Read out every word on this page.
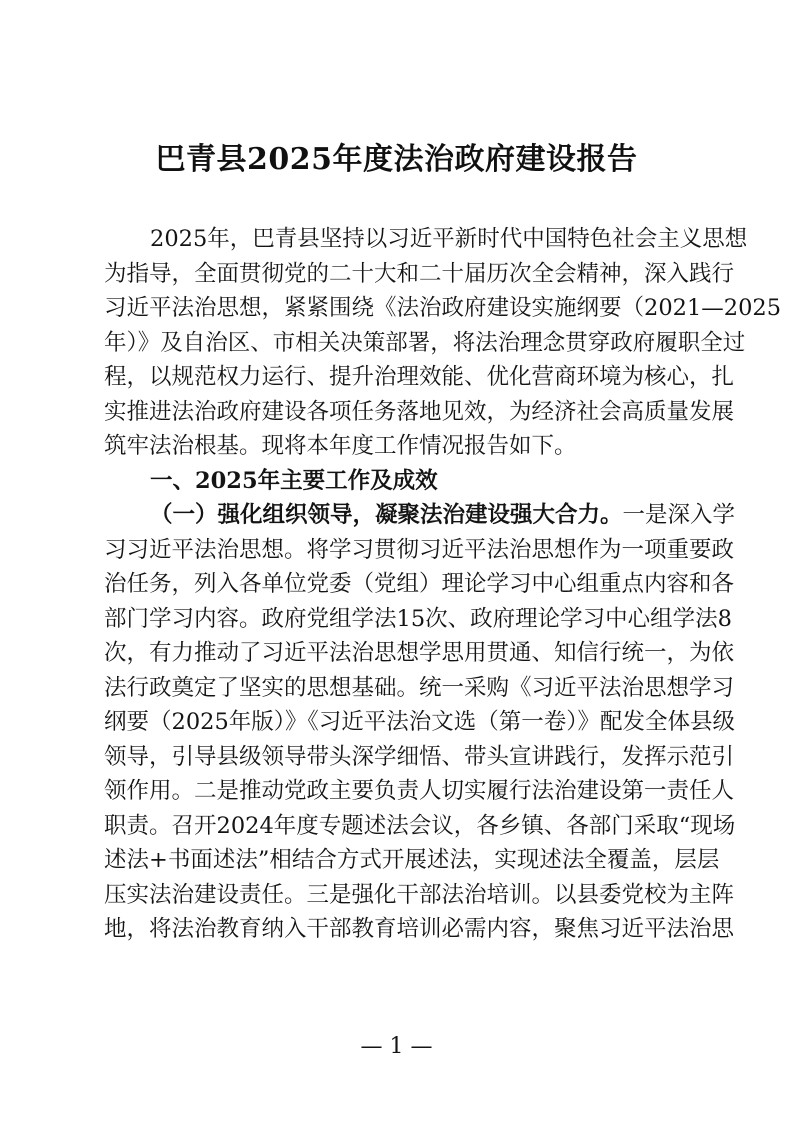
巴青县2025年度法治政府建设报告
2025年，巴青县坚持以习近平新时代中国特色社会主义思想
为指导，全面贯彻党的二十大和二十届历次全会精神，深入践行
习近平法治思想，紧紧围绕《法治政府建设实施纲要（2021—2025
年）》及自治区、市相关决策部署，将法治理念贯穿政府履职全过
程，以规范权力运行、提升治理效能、优化营商环境为核心，扎
实推进法治政府建设各项任务落地见效，为经济社会高质量发展
筑牢法治根基。现将本年度工作情况报告如下。
一、2025年主要工作及成效
（一）强化组织领导，凝聚法治建设强大合力。一是深入学
习习近平法治思想。将学习贯彻习近平法治思想作为一项重要政
治任务，列入各单位党委（党组）理论学习中心组重点内容和各
部门学习内容。政府党组学法15次、政府理论学习中心组学法8
次，有力推动了习近平法治思想学思用贯通、知信行统一，为依
法行政奠定了坚实的思想基础。统一采购《习近平法治思想学习
纲要（2025年版）》《习近平法治文选（第一卷）》配发全体县级
领导，引导县级领导带头深学细悟、带头宣讲践行，发挥示范引
领作用。二是推动党政主要负责人切实履行法治建设第一责任人
职责。召开2024年度专题述法会议，各乡镇、各部门采取“现场
述法+书面述法”相结合方式开展述法，实现述法全覆盖，层层
— 1 —
压实法治建设责任。三是强化干部法治培训。以县委党校为主阵
地，将法治教育纳入干部教育培训必需内容，聚焦习近平法治思
